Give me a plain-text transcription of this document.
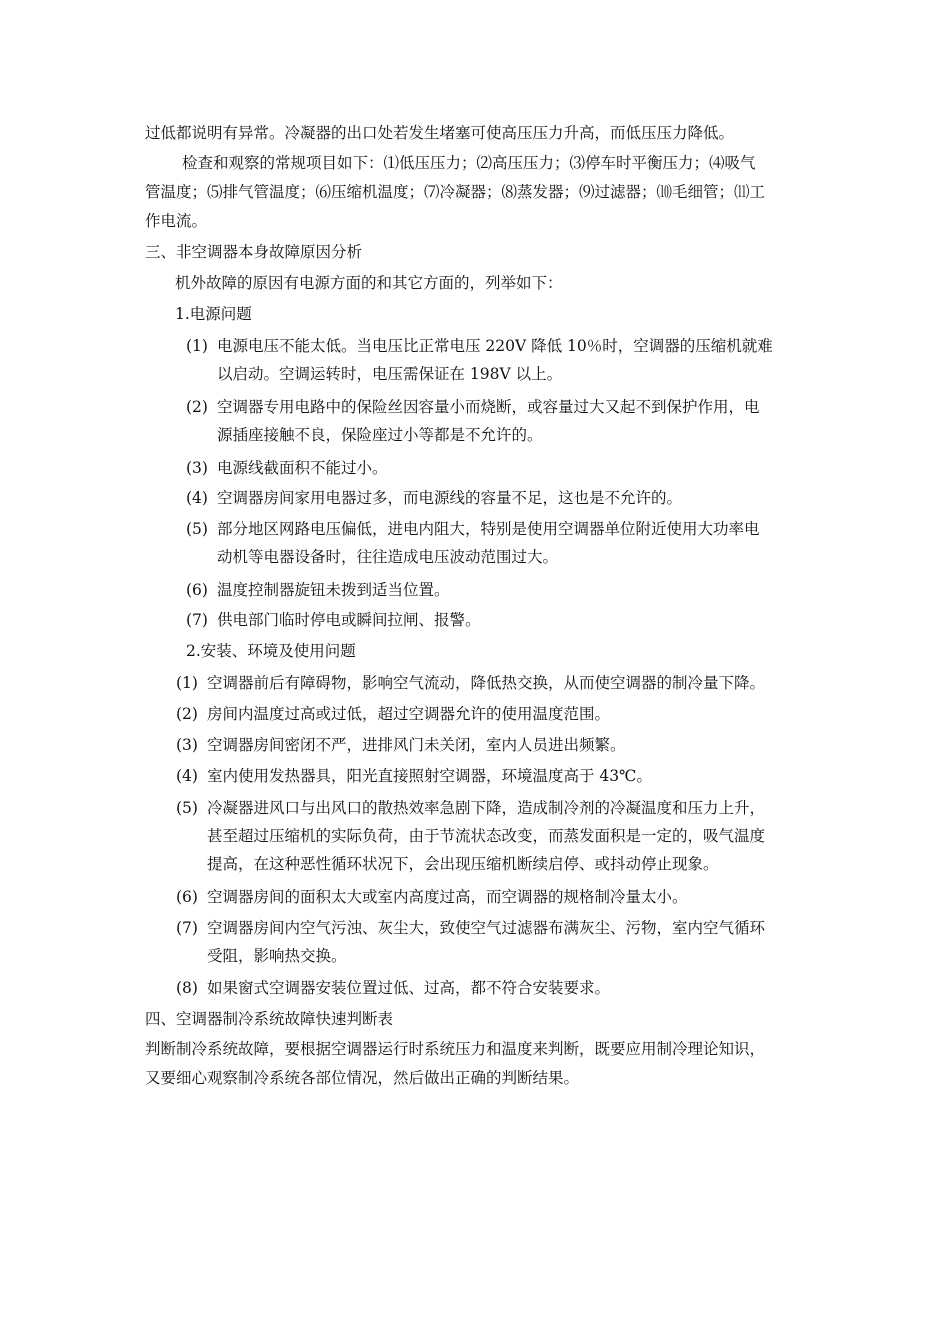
过低都说明有异常。冷凝器的出口处若发生堵塞可使高压压力升高，而低压压力降低。
检查和观察的常规项目如下：⑴低压压力；⑵高压压力；⑶停车时平衡压力；⑷吸气
管温度；⑸排气管温度；⑹压缩机温度；⑺冷凝器；⑻蒸发器；⑼过滤器；⑽毛细管；⑾工
作电流。
三、非空调器本身故障原因分析
机外故障的原因有电源方面的和其它方面的，列举如下：
1.电源问题
(1) 电源电压不能太低。当电压比正常电压 220V 降低 10％时，空调器的压缩机就难
以启动。空调运转时，电压需保证在 198V 以上。
(2) 空调器专用电路中的保险丝因容量小而烧断，或容量过大又起不到保护作用，电
源插座接触不良，保险座过小等都是不允许的。
(3) 电源线截面积不能过小。
(4) 空调器房间家用电器过多，而电源线的容量不足，这也是不允许的。
(5) 部分地区网路电压偏低，进电内阻大，特别是使用空调器单位附近使用大功率电
动机等电器设备时，往往造成电压波动范围过大。
(6) 温度控制器旋钮未拨到适当位置。
(7) 供电部门临时停电或瞬间拉闸、报警。
2.安装、环境及使用问题
(1) 空调器前后有障碍物，影响空气流动，降低热交换，从而使空调器的制冷量下降。
(2) 房间内温度过高或过低，超过空调器允许的使用温度范围。
(3) 空调器房间密闭不严，进排风门未关闭，室内人员进出频繁。
(4) 室内使用发热器具，阳光直接照射空调器，环境温度高于 43℃。
(5) 冷凝器进风口与出风口的散热效率急剧下降，造成制冷剂的冷凝温度和压力上升，
甚至超过压缩机的实际负荷，由于节流状态改变，而蒸发面积是一定的，吸气温度
提高，在这种恶性循环状况下，会出现压缩机断续启停、或抖动停止现象。
(6) 空调器房间的面积太大或室内高度过高，而空调器的规格制冷量太小。
(7) 空调器房间内空气污浊、灰尘大，致使空气过滤器布满灰尘、污物，室内空气循环
受阻，影响热交换。
(8) 如果窗式空调器安装位置过低、过高，都不符合安装要求。
四、空调器制冷系统故障快速判断表
判断制冷系统故障，要根据空调器运行时系统压力和温度来判断，既要应用制冷理论知识，
又要细心观察制冷系统各部位情况，然后做出正确的判断结果。
